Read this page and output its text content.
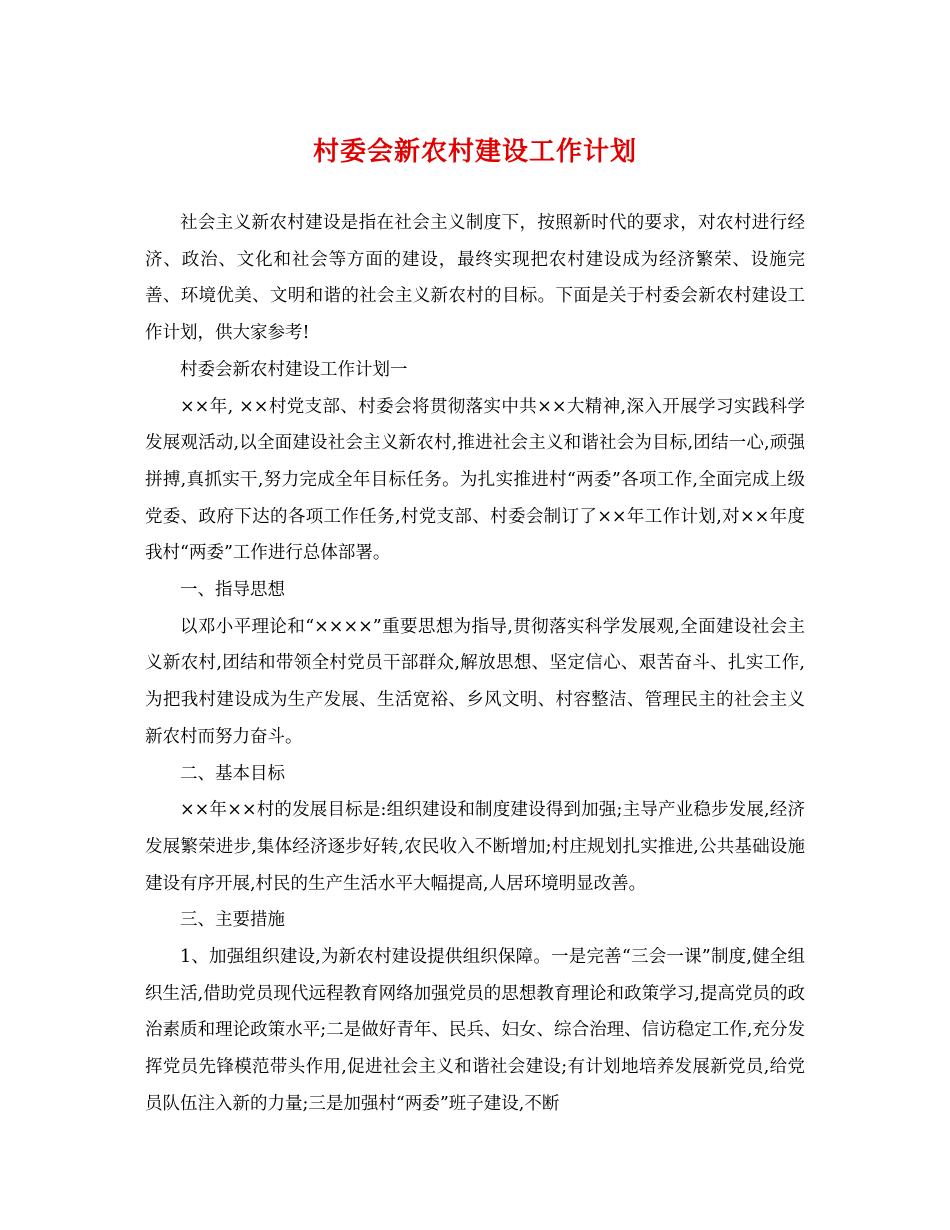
村委会新农村建设工作计划

社会主义新农村建设是指在社会主义制度下，按照新时代的要求，对农村进行经济、政治、文化和社会等方面的建设，最终实现把农村建设成为经济繁荣、设施完善、环境优美、文明和谐的社会主义新农村的目标。下面是关于村委会新农村建设工作计划，供大家参考!

村委会新农村建设工作计划一

××年, ××村党支部、村委会将贯彻落实中共××大精神,深入开展学习实践科学发展观活动,以全面建设社会主义新农村,推进社会主义和谐社会为目标,团结一心,顽强拼搏,真抓实干,努力完成全年目标任务。为扎实推进村“两委”各项工作,全面完成上级党委、政府下达的各项工作任务,村党支部、村委会制订了××年工作计划,对××年度我村“两委”工作进行总体部署。

一、指导思想

以邓小平理论和“××××”重要思想为指导,贯彻落实科学发展观,全面建设社会主义新农村,团结和带领全村党员干部群众,解放思想、坚定信心、艰苦奋斗、扎实工作,为把我村建设成为生产发展、生活宽裕、乡风文明、村容整洁、管理民主的社会主义新农村而努力奋斗。

二、基本目标

××年××村的发展目标是:组织建设和制度建设得到加强;主导产业稳步发展,经济发展繁荣进步,集体经济逐步好转,农民收入不断增加;村庄规划扎实推进,公共基础设施建设有序开展,村民的生产生活水平大幅提高,人居环境明显改善。

三、主要措施

1、加强组织建设,为新农村建设提供组织保障。一是完善“三会一课”制度,健全组织生活,借助党员现代远程教育网络加强党员的思想教育理论和政策学习,提高党员的政治素质和理论政策水平;二是做好青年、民兵、妇女、综合治理、信访稳定工作,充分发挥党员先锋模范带头作用,促进社会主义和谐社会建设;有计划地培养发展新党员,给党员队伍注入新的力量;三是加强村“两委”班子建设,不断
